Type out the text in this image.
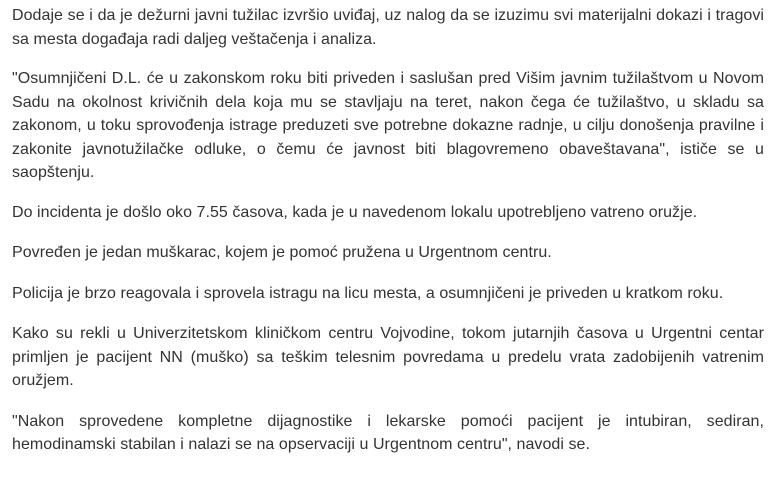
Dodaje se i da je dežurni javni tužilac izvršio uviđaj, uz nalog da se izuzimu svi materijalni dokazi i tragovi sa mesta događaja radi daljeg veštačenja i analiza.

"Osumnjičeni D.L. će u zakonskom roku biti priveden i saslušan pred Višim javnim tužilaštvom u Novom Sadu na okolnost krivičnih dela koja mu se stavljaju na teret, nakon čega će tužilaštvo, u skladu sa zakonom, u toku sprovođenja istrage preduzeti sve potrebne dokazne radnje, u cilju donošenja pravilne i zakonite javnotužilačke odluke, o čemu će javnost biti blagovremeno obaveštavana", ističe se u saopštenju.

Do incidenta je došlo oko 7.55 časova, kada je u navedenom lokalu upotrebljeno vatreno oružje.

Povređen je jedan muškarac, kojem je pomoć pružena u Urgentnom centru.

Policija je brzo reagovala i sprovela istragu na licu mesta, a osumnjičeni je priveden u kratkom roku.

Kako su rekli u Univerzitetskom kliničkom centru Vojvodine, tokom jutarnjih časova u Urgentni centar primljen je pacijent NN (muško) sa teškim telesnim povredama u predelu vrata zadobijenih vatrenim oružjem.

"Nakon sprovedene kompletne dijagnostike i lekarske pomoći pacijent je intubiran, sediran, hemodinamski stabilan i nalazi se na opservaciji u Urgentnom centru", navodi se.
